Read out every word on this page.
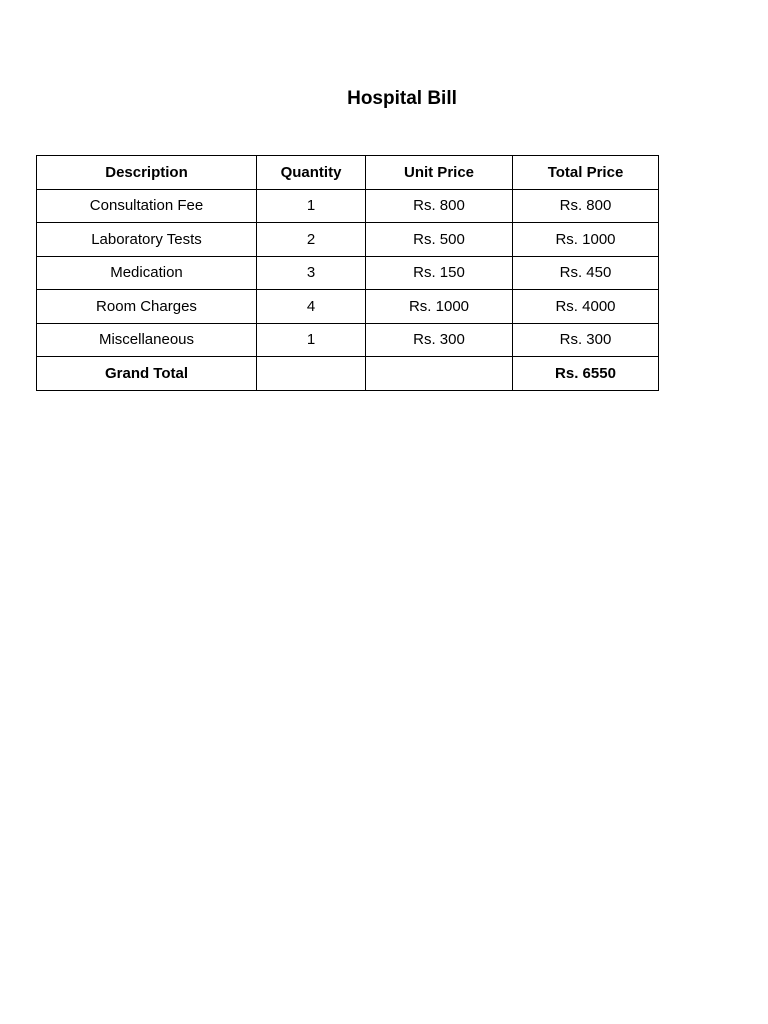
Hospital Bill
Description	Quantity	Unit Price	Total Price
Consultation Fee	1	Rs. 800	Rs. 800
Laboratory Tests	2	Rs. 500	Rs. 1000
Medication	3	Rs. 150	Rs. 450
Room Charges	4	Rs. 1000	Rs. 4000
Miscellaneous	1	Rs. 300	Rs. 300
Grand Total			Rs. 6550
